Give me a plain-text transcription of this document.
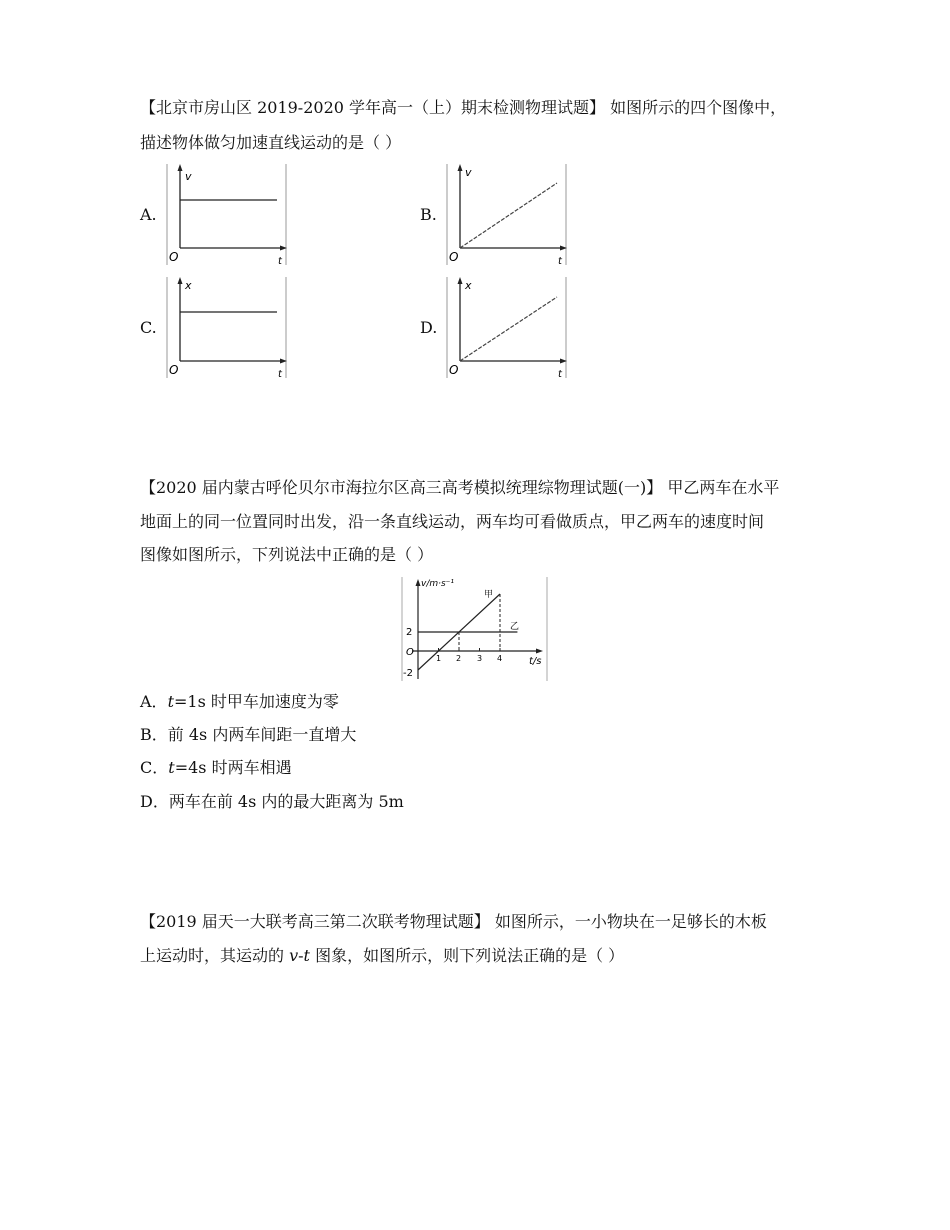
【北京市房山区 2019-2020 学年高一（上）期末检测物理试题】 如图所示的四个图像中，
描述物体做匀加速直线运动的是（ ）
A.	B.
C.	D.
v
O	t
v
O	t
x
O	t
x
O	t
【2020 届内蒙古呼伦贝尔市海拉尔区高三高考模拟统理综物理试题(一)】 甲乙两车在水平
地面上的同一位置同时出发，沿一条直线运动，两车均可看做质点，甲乙两车的速度时间
图像如图所示，下列说法中正确的是（ ）
v/m·s⁻¹
t/s
O
2
-2
1 2 3 4
甲
乙
A．t=1s 时甲车加速度为零
B．前 4s 内两车间距一直增大
C．t=4s 时两车相遇
D．两车在前 4s 内的最大距离为 5m
【2019 届天一大联考高三第二次联考物理试题】 如图所示，一小物块在一足够长的木板
上运动时，其运动的 v-t 图象，如图所示，则下列说法正确的是（ ）
